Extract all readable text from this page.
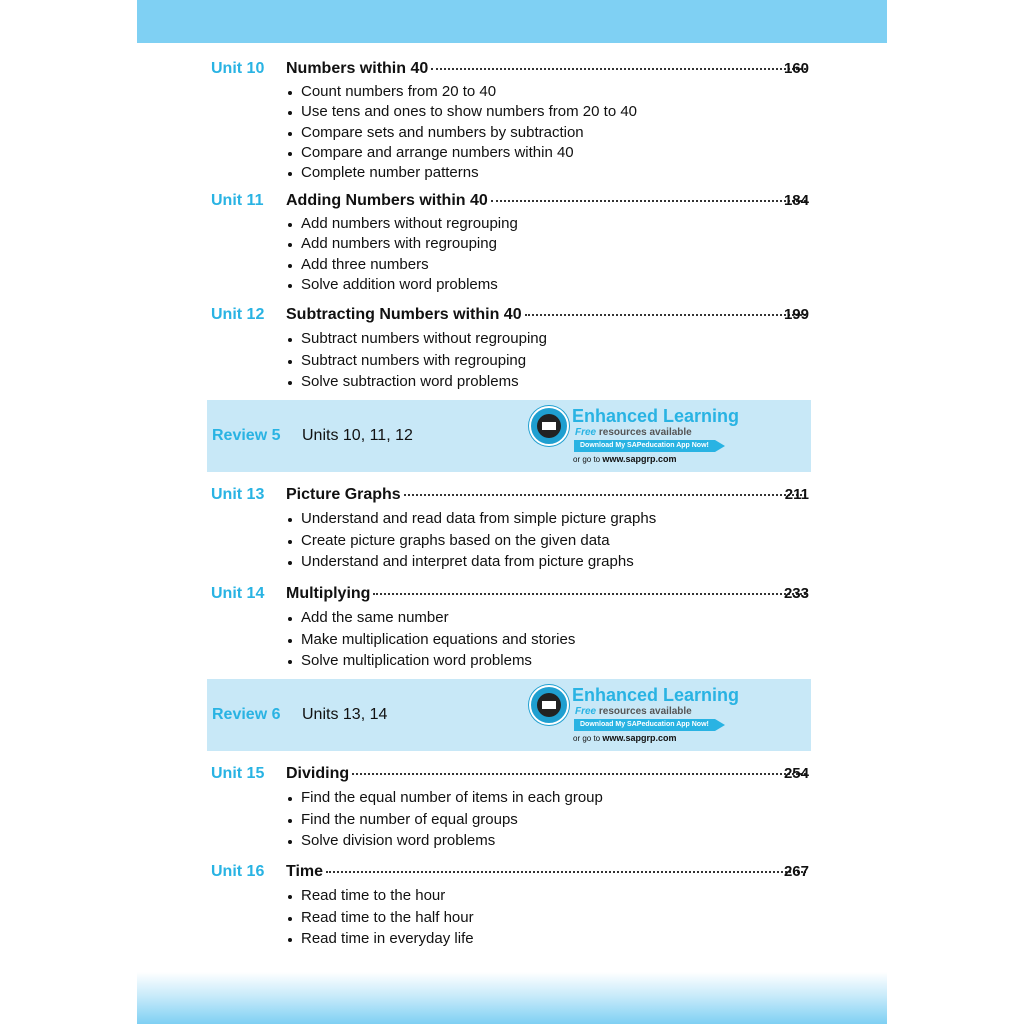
Unit 10 Numbers within 40	160
Count numbers from 20 to 40
Use tens and ones to show numbers from 20 to 40
Compare sets and numbers by subtraction
Compare and arrange numbers within 40
Complete number patterns
Unit 11 Adding Numbers within 40	184
Add numbers without regrouping
Add numbers with regrouping
Add three numbers
Solve addition word problems
Unit 12 Subtracting Numbers within 40	199
Subtract numbers without regrouping
Subtract numbers with regrouping
Solve subtraction word problems
Review 5 Units 10, 11, 12
Enhanced Learning
Free resources available
Download My SAPeducation App Now!
or go to www.sapgrp.com
Unit 13 Picture Graphs	211
Understand and read data from simple picture graphs
Create picture graphs based on the given data
Understand and interpret data from picture graphs
Unit 14 Multiplying	233
Add the same number
Make multiplication equations and stories
Solve multiplication word problems
Review 6 Units 13, 14
Enhanced Learning
Free resources available
Download My SAPeducation App Now!
or go to www.sapgrp.com
Unit 15 Dividing	254
Find the equal number of items in each group
Find the number of equal groups
Solve division word problems
Unit 16 Time	267
Read time to the hour
Read time to the half hour
Read time in everyday life
